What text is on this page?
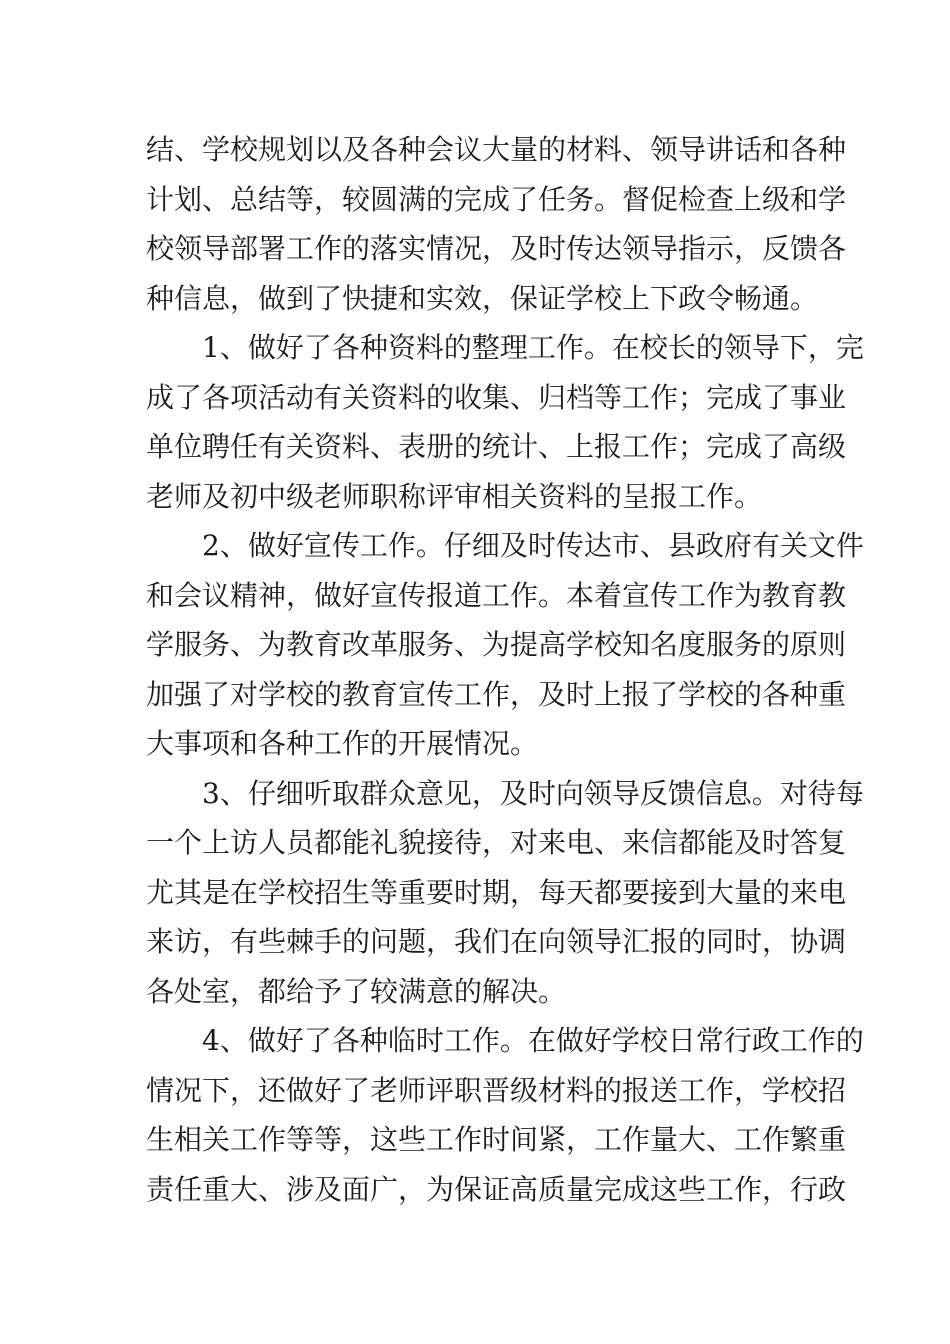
结、学校规划以及各种会议大量的材料、领导讲话和各种
计划、总结等，较圆满的完成了任务。督促检查上级和学
校领导部署工作的落实情况，及时传达领导指示，反馈各
种信息，做到了快捷和实效，保证学校上下政令畅通。
1、做好了各种资料的整理工作。在校长的领导下，完
成了各项活动有关资料的收集、归档等工作；完成了事业
单位聘任有关资料、表册的统计、上报工作；完成了高级
老师及初中级老师职称评审相关资料的呈报工作。
2、做好宣传工作。仔细及时传达市、县政府有关文件
和会议精神，做好宣传报道工作。本着宣传工作为教育教
学服务、为教育改革服务、为提高学校知名度服务的原则
加强了对学校的教育宣传工作，及时上报了学校的各种重
大事项和各种工作的开展情况。
3、仔细听取群众意见，及时向领导反馈信息。对待每
一个上访人员都能礼貌接待，对来电、来信都能及时答复
尤其是在学校招生等重要时期，每天都要接到大量的来电
来访，有些棘手的问题，我们在向领导汇报的同时，协调
各处室，都给予了较满意的解决。
4、做好了各种临时工作。在做好学校日常行政工作的
情况下，还做好了老师评职晋级材料的报送工作，学校招
生相关工作等等，这些工作时间紧，工作量大、工作繁重
责任重大、涉及面广，为保证高质量完成这些工作，行政
